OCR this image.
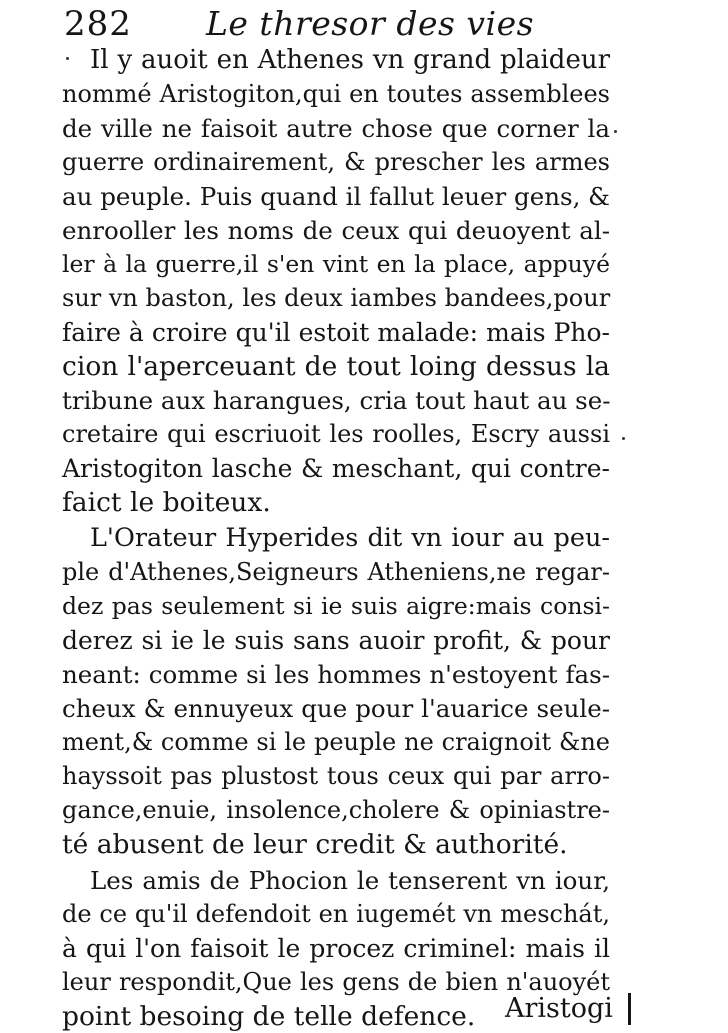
282 Le thresor des vies
Il y auoit en Athenes vn grand plaideur
nommé Aristogiton,qui en toutes assemblees
de ville ne faisoit autre chose que corner la
guerre ordinairement, & prescher les armes
au peuple. Puis quand il fallut leuer gens, &
enrooller les noms de ceux qui deuoyent al-
ler à la guerre,il s'en vint en la place, appuyé
sur vn baston, les deux iambes bandees,pour
faire à croire qu'il estoit malade: mais Pho-
cion l'aperceuant de tout loing dessus la
tribune aux harangues, cria tout haut au se-
cretaire qui escriuoit les roolles, Escry aussi
Aristogiton lasche & meschant, qui contre-
faict le boiteux.
L'Orateur Hyperides dit vn iour au peu-
ple d'Athenes,Seigneurs Atheniens,ne regar-
dez pas seulement si ie suis aigre:mais consi-
derez si ie le suis sans auoir profit, & pour
neant: comme si les hommes n'estoyent fas-
cheux & ennuyeux que pour l'auarice seule-
ment,& comme si le peuple ne craignoit &ne
hayssoit pas plustost tous ceux qui par arro-
gance,enuie, insolence,cholere & opiniastre-
té abusent de leur credit & authorité.
Les amis de Phocion le tenserent vn iour,
de ce qu'il defendoit en iugemét vn meschát,
à qui l'on faisoit le procez criminel: mais il
leur respondit,Que les gens de bien n'auoyét
point besoing de telle defence.	Aristogi
